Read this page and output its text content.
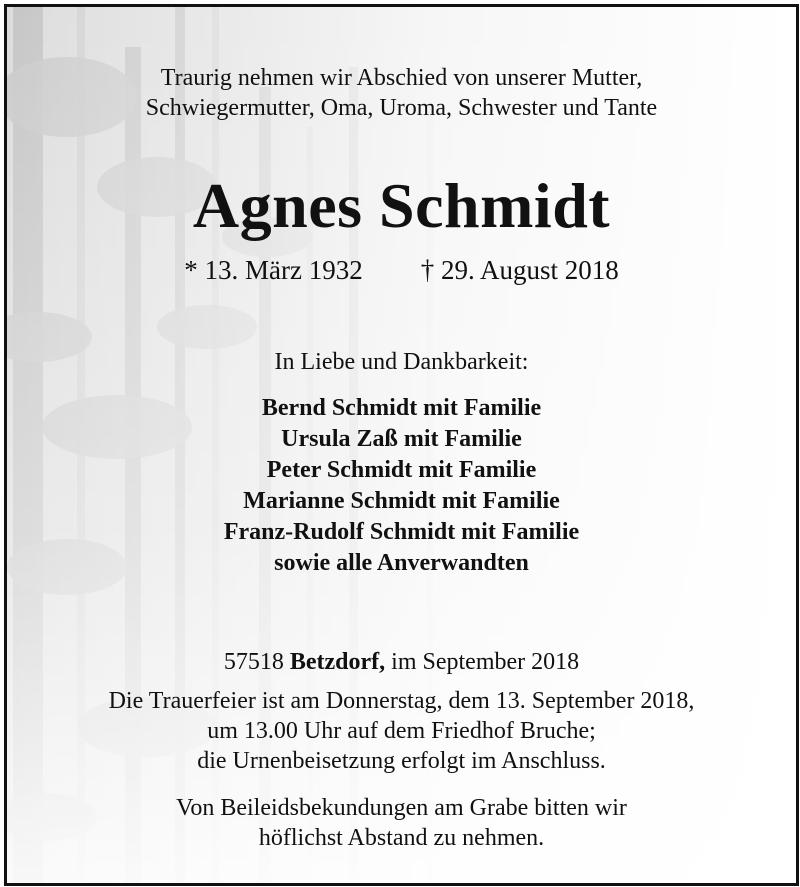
Traurig nehmen wir Abschied von unserer Mutter,
Schwiegermutter, Oma, Uroma, Schwester und Tante
Agnes Schmidt
* 13. März 1932 † 29. August 2018
In Liebe und Dankbarkeit:
Bernd Schmidt mit Familie
Ursula Zaß mit Familie
Peter Schmidt mit Familie
Marianne Schmidt mit Familie
Franz-Rudolf Schmidt mit Familie
sowie alle Anverwandten
57518 Betzdorf, im September 2018
Die Trauerfeier ist am Donnerstag, dem 13. September 2018,
um 13.00 Uhr auf dem Friedhof Bruche;
die Urnenbeisetzung erfolgt im Anschluss.
Von Beileidsbekundungen am Grabe bitten wir
höflichst Abstand zu nehmen.
